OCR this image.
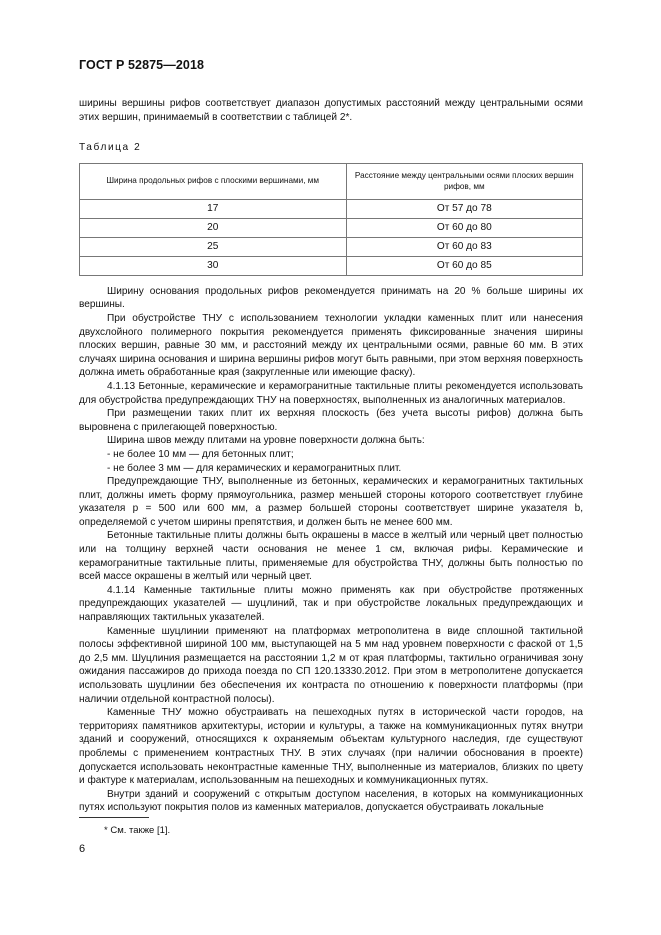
ГОСТ Р 52875—2018

ширины вершины рифов соответствует диапазон допустимых расстояний между центральными осями этих вершин, принимаемый в соответствии с таблицей 2*.

Таблица 2
Ширина продольных рифов с плоскими вершинами, мм	Расстояние между центральными осями плоских вершин рифов, мм
17	От 57 до 78
20	От 60 до 80
25	От 60 до 83
30	От 60 до 85

Ширину основания продольных рифов рекомендуется принимать на 20 % больше ширины их вершины.

При обустройстве ТНУ с использованием технологии укладки каменных плит или нанесения двухслойного полимерного покрытия рекомендуется применять фиксированные значения ширины плоских вершин, равные 30 мм, и расстояний между их центральными осями, равные 60 мм. В этих случаях ширина основания и ширина вершины рифов могут быть равными, при этом верхняя поверхность должна иметь обработанные края (закругленные или имеющие фаску).

4.1.13 Бетонные, керамические и керамогранитные тактильные плиты рекомендуется использовать для обустройства предупреждающих ТНУ на поверхностях, выполненных из аналогичных материалов.

При размещении таких плит их верхняя плоскость (без учета высоты рифов) должна быть выровнена с прилегающей поверхностью.

Ширина швов между плитами на уровне поверхности должна быть:

- не более 10 мм — для бетонных плит;

- не более 3 мм — для керамических и керамогранитных плит.

Предупреждающие ТНУ, выполненные из бетонных, керамических и керамогранитных тактильных плит, должны иметь форму прямоугольника, размер меньшей стороны которого соответствует глубине указателя p = 500 или 600 мм, а размер большей стороны соответствует ширине указателя b, определяемой с учетом ширины препятствия, и должен быть не менее 600 мм.

Бетонные тактильные плиты должны быть окрашены в массе в желтый или черный цвет полностью или на толщину верхней части основания не менее 1 см, включая рифы. Керамические и керамогранитные тактильные плиты, применяемые для обустройства ТНУ, должны быть полностью по всей массе окрашены в желтый или черный цвет.

4.1.14 Каменные тактильные плиты можно применять как при обустройстве протяженных предупреждающих указателей — шуцлиний, так и при обустройстве локальных предупреждающих и направляющих тактильных указателей.

Каменные шуцлинии применяют на платформах метрополитена в виде сплошной тактильной полосы эффективной шириной 100 мм, выступающей на 5 мм над уровнем поверхности с фаской от 1,5 до 2,5 мм. Шуцлиния размещается на расстоянии 1,2 м от края платформы, тактильно ограничивая зону ожидания пассажиров до прихода поезда по СП 120.13330.2012. При этом в метрополитене допускается использовать шуцлинии без обеспечения их контраста по отношению к поверхности платформы (при наличии отдельной контрастной полосы).

Каменные ТНУ можно обустраивать на пешеходных путях в исторической части городов, на территориях памятников архитектуры, истории и культуры, а также на коммуникационных путях внутри зданий и сооружений, относящихся к охраняемым объектам культурного наследия, где существуют проблемы с применением контрастных ТНУ. В этих случаях (при наличии обоснования в проекте) допускается использовать неконтрастные каменные ТНУ, выполненные из материалов, близких по цвету и фактуре к материалам, использованным на пешеходных и коммуникационных путях.

Внутри зданий и сооружений с открытым доступом населения, в которых на коммуникационных путях используют покрытия полов из каменных материалов, допускается обустраивать локальные

* См. также [1].
6
